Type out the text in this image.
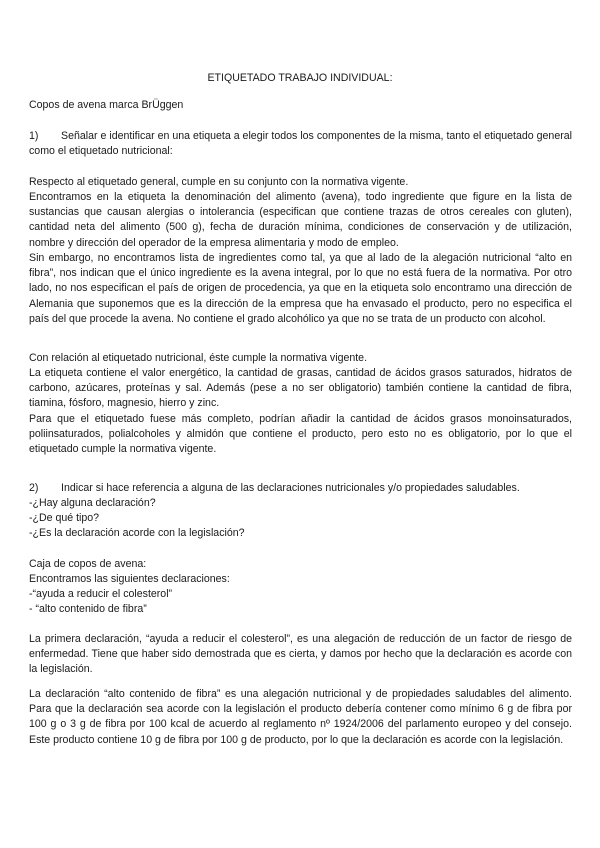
ETIQUETADO TRABAJO INDIVIDUAL:

Copos de avena marca BrÜggen

1) Señalar e identificar en una etiqueta a elegir todos los componentes de la misma, tanto el etiquetado general como el etiquetado nutricional:

Respecto al etiquetado general, cumple en su conjunto con la normativa vigente.

Encontramos en la etiqueta la denominación del alimento (avena), todo ingrediente que figure en la lista de sustancias que causan alergias o intolerancia (especifican que contiene trazas de otros cereales con gluten), cantidad neta del alimento (500 g), fecha de duración mínima, condiciones de conservación y de utilización, nombre y dirección del operador de la empresa alimentaria y modo de empleo.

Sin embargo, no encontramos lista de ingredientes como tal, ya que al lado de la alegación nutricional “alto en fibra”, nos indican que el único ingrediente es la avena integral, por lo que no está fuera de la normativa. Por otro lado, no nos especifican el país de origen de procedencia, ya que en la etiqueta solo encontramo una dirección de Alemania que suponemos que es la dirección de la empresa que ha envasado el producto, pero no especifica el país del que procede la avena. No contiene el grado alcohólico ya que no se trata de un producto con alcohol.

Con relación al etiquetado nutricional, éste cumple la normativa vigente.

La etiqueta contiene el valor energético, la cantidad de grasas, cantidad de ácidos grasos saturados, hidratos de carbono, azúcares, proteínas y sal. Además (pese a no ser obligatorio) también contiene la cantidad de fibra, tiamina, fósforo, magnesio, hierro y zinc.

Para que el etiquetado fuese más completo, podrían añadir la cantidad de ácidos grasos monoinsaturados, poliinsaturados, polialcoholes y almidón que contiene el producto, pero esto no es obligatorio, por lo que el etiquetado cumple la normativa vigente.

2) Indicar si hace referencia a alguna de las declaraciones nutricionales y/o propiedades saludables.

-¿Hay alguna declaración?

-¿De qué tipo?

-¿Es la declaración acorde con la legislación?

Caja de copos de avena:

Encontramos las siguientes declaraciones:

-“ayuda a reducir el colesterol”

- “alto contenido de fibra”

La primera declaración, “ayuda a reducir el colesterol”, es una alegación de reducción de un factor de riesgo de enfermedad. Tiene que haber sido demostrada que es cierta, y damos por hecho que la declaración es acorde con la legislación.

La declaración “alto contenido de fibra” es una alegación nutricional y de propiedades saludables del alimento. Para que la declaración sea acorde con la legislación el producto debería contener como mínimo 6 g de fibra por 100 g o 3 g de fibra por 100 kcal de acuerdo al reglamento nº 1924/2006 del parlamento europeo y del consejo. Este producto contiene 10 g de fibra por 100 g de producto, por lo que la declaración es acorde con la legislación.
